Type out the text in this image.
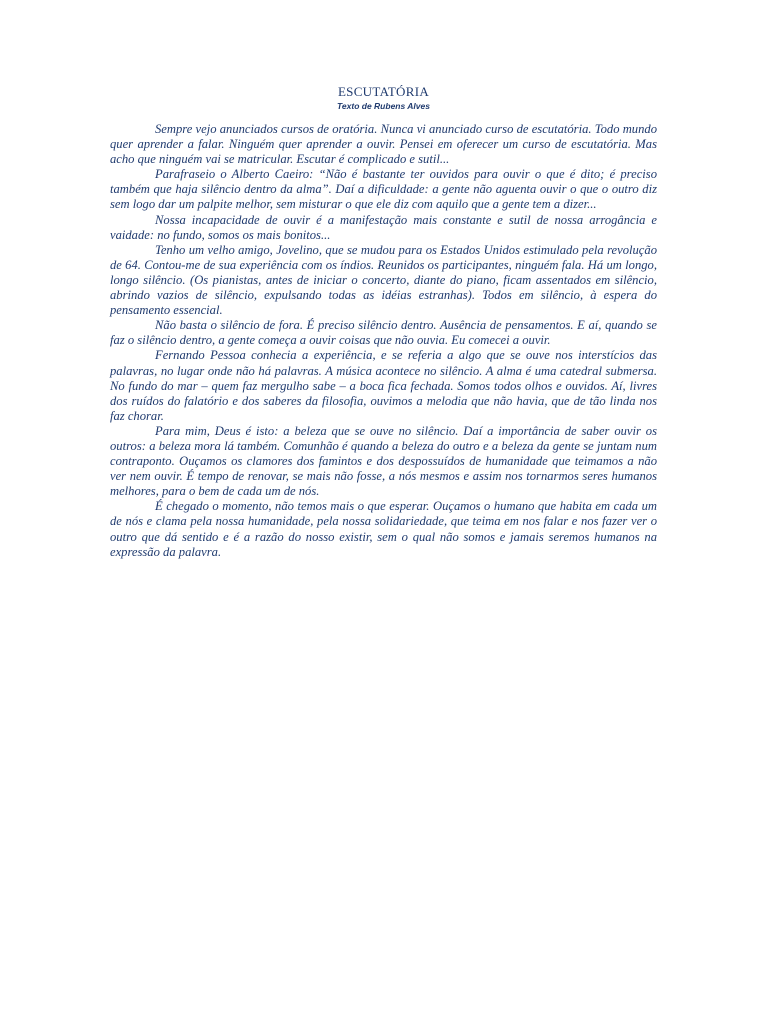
ESCUTATÓRIA
Texto de Rubens Alves

Sempre vejo anunciados cursos de oratória. Nunca vi anunciado curso de escutatória. Todo mundo quer aprender a falar. Ninguém quer aprender a ouvir. Pensei em oferecer um curso de escutatória. Mas acho que ninguém vai se matricular. Escutar é complicado e sutil...

Parafraseio o Alberto Caeiro: “Não é bastante ter ouvidos para ouvir o que é dito; é preciso também que haja silêncio dentro da alma”. Daí a dificuldade: a gente não aguenta ouvir o que o outro diz sem logo dar um palpite melhor, sem misturar o que ele diz com aquilo que a gente tem a dizer...

Nossa incapacidade de ouvir é a manifestação mais constante e sutil de nossa arrogância e vaidade: no fundo, somos os mais bonitos...

Tenho um velho amigo, Jovelino, que se mudou para os Estados Unidos estimulado pela revolução de 64. Contou-me de sua experiência com os índios. Reunidos os participantes, ninguém fala. Há um longo, longo silêncio. (Os pianistas, antes de iniciar o concerto, diante do piano, ficam assentados em silêncio, abrindo vazios de silêncio, expulsando todas as idéias estranhas). Todos em silêncio, à espera do pensamento essencial.

Não basta o silêncio de fora. É preciso silêncio dentro. Ausência de pensamentos. E aí, quando se faz o silêncio dentro, a gente começa a ouvir coisas que não ouvia. Eu comecei a ouvir.

Fernando Pessoa conhecia a experiência, e se referia a algo que se ouve nos interstícios das palavras, no lugar onde não há palavras. A música acontece no silêncio. A alma é uma catedral submersa. No fundo do mar – quem faz mergulho sabe – a boca fica fechada. Somos todos olhos e ouvidos. Aí, livres dos ruídos do falatório e dos saberes da filosofia, ouvimos a melodia que não havia, que de tão linda nos faz chorar.

Para mim, Deus é isto: a beleza que se ouve no silêncio. Daí a importância de saber ouvir os outros: a beleza mora lá também. Comunhão é quando a beleza do outro e a beleza da gente se juntam num contraponto. Ouçamos os clamores dos famintos e dos despossuídos de humanidade que teimamos a não ver nem ouvir. É tempo de renovar, se mais não fosse, a nós mesmos e assim nos tornarmos seres humanos melhores, para o bem de cada um de nós.

É chegado o momento, não temos mais o que esperar. Ouçamos o humano que habita em cada um de nós e clama pela nossa humanidade, pela nossa solidariedade, que teima em nos falar e nos fazer ver o outro que dá sentido e é a razão do nosso existir, sem o qual não somos e jamais seremos humanos na expressão da palavra.
